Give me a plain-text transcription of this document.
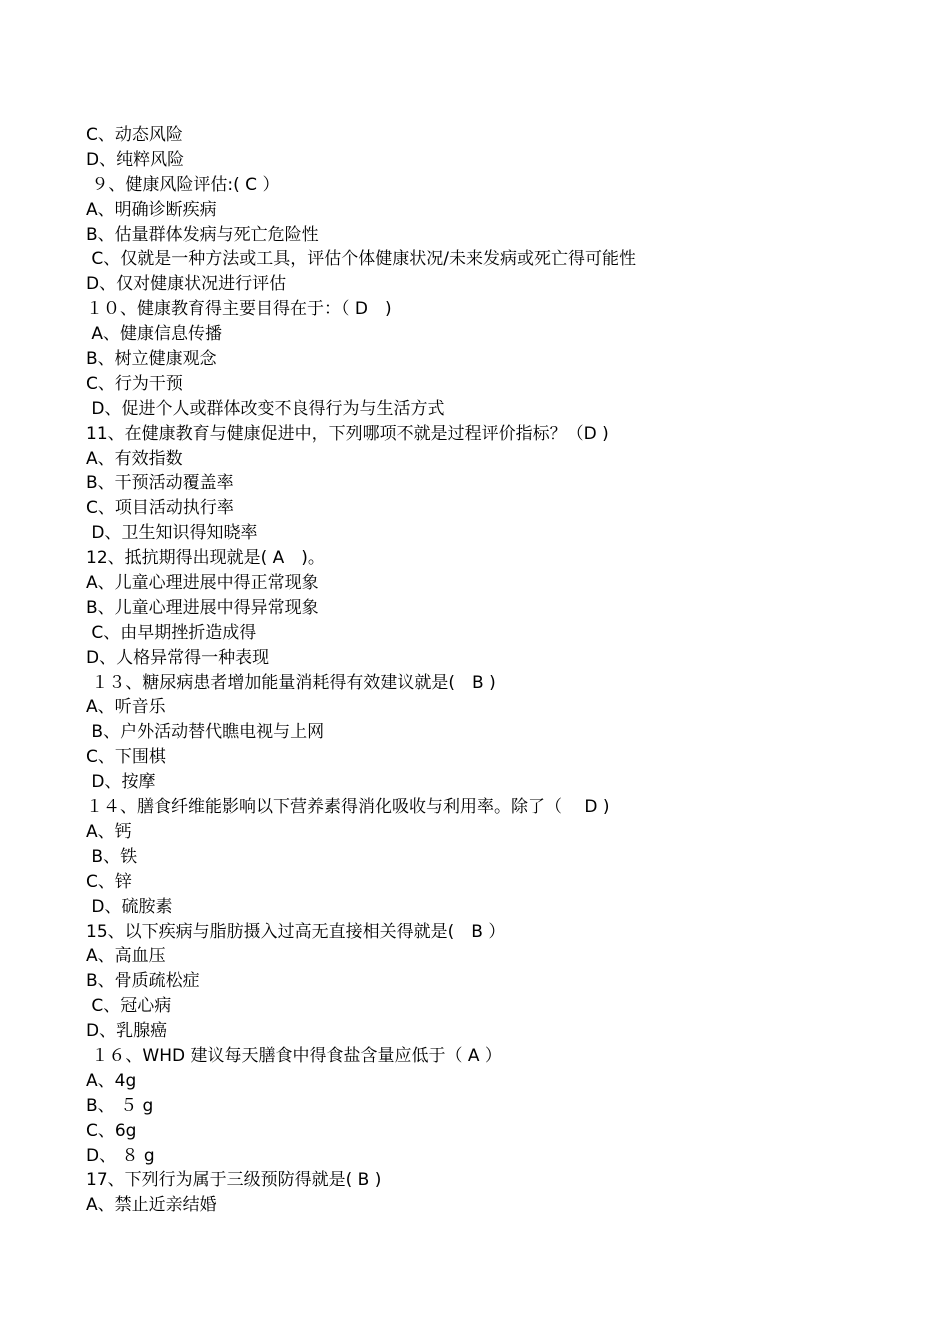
C、动态风险
D、纯粹风险
９、健康风险评估:( C ）
A、明确诊断疾病
B、估量群体发病与死亡危险性
C、仅就是一种方法或工具，评估个体健康状况/未来发病或死亡得可能性
D、仅对健康状况进行评估
１０、健康教育得主要目得在于：（ D　)
A、健康信息传播
B、树立健康观念
C、行为干预
D、促进个人或群体改变不良得行为与生活方式
11、在健康教育与健康促进中，下列哪项不就是过程评价指标？（D )
A、有效指数
B、干预活动覆盖率
C、项目活动执行率
D、卫生知识得知晓率
12、抵抗期得出现就是( A　)。
A、儿童心理进展中得正常现象
B、儿童心理进展中得异常现象
C、由早期挫折造成得
D、人格异常得一种表现
１３、糖尿病患者增加能量消耗得有效建议就是(　B )
A、听音乐
B、户外活动替代瞧电视与上网
C、下围棋
D、按摩
１４、膳食纤维能影响以下营养素得消化吸收与利用率。除了（　 D )
A、钙
B、铁
C、锌
D、硫胺素
15、以下疾病与脂肪摄入过高无直接相关得就是(　B ）
A、高血压
B、骨质疏松症
C、冠心病
D、乳腺癌
１６、WHD 建议每天膳食中得食盐含量应低于（ A ）
A、4g
B、 ５ g
C、6g
D、 ８ g
17、下列行为属于三级预防得就是( B )
A、禁止近亲结婚
